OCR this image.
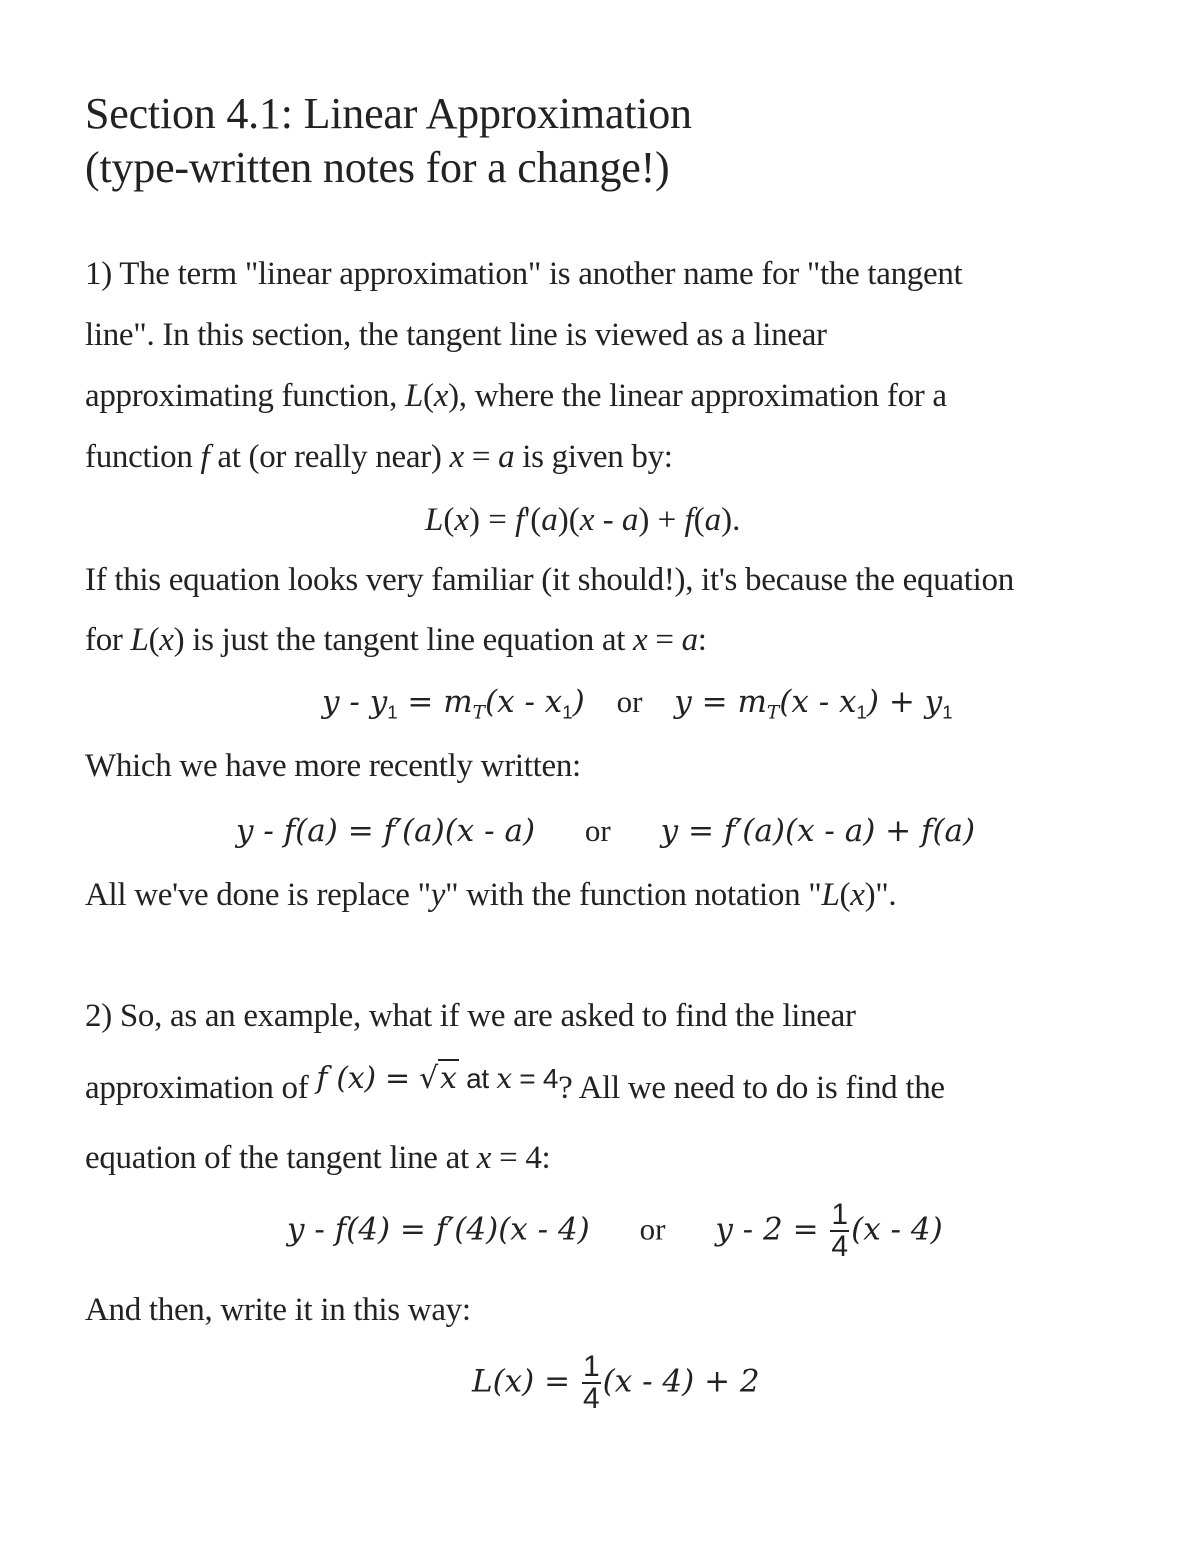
Section 4.1: Linear Approximation
(type-written notes for a change!)
1) The term "linear approximation" is another name for "the tangent
line". In this section, the tangent line is viewed as a linear
approximating function, L(x), where the linear approximation for a
function f at (or really near) x = a is given by:
L(x) = f'(a)(x - a) + f(a).
If this equation looks very familiar (it should!), it's because the equation
for L(x) is just the tangent line equation at x = a:
$y - y_1 = m_T(x - x_1)$ or $y = m_T(x - x_1) + y_1$
Which we have more recently written:
y - f(a) = f′(a)(x - a) or y = f′(a)(x - a) + f(a)
All we've done is replace "y" with the function notation "L(x)".
2) So, as an example, what if we are asked to find the linear
approximation of f (x) = √x $^{at}$ $^x$ $^{= 4}$? All we need to do is find the
equation of the tangent line at x = 4:
y - f(4) = f′(4)(x - 4) or $y - 2 = \frac{1}{4} (x - 4)$
And then, write it in this way:
$L(x) = \frac{1}{4} (x - 4) + 2$
